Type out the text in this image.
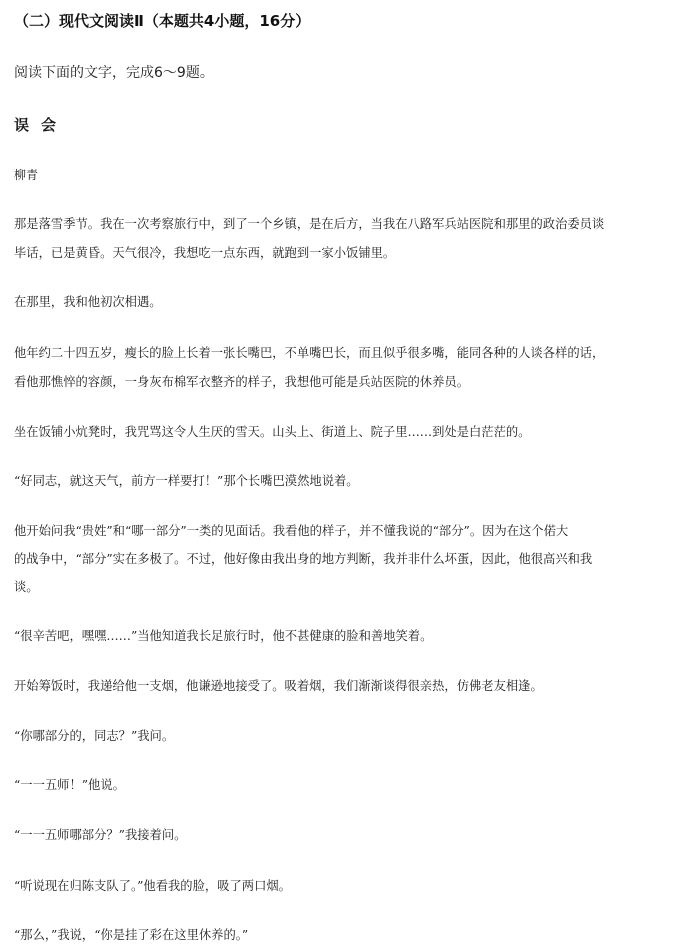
（二）现代文阅读Ⅱ（本题共4小题，16分）
阅读下面的文字，完成6～9题。
误会
柳青
那是落雪季节。我在一次考察旅行中，到了一个乡镇，是在后方，当我在八路军兵站医院和那里的政治委员谈
毕话，已是黄昏。天气很冷，我想吃一点东西，就跑到一家小饭铺里。
在那里，我和他初次相遇。
他年约二十四五岁，瘦长的脸上长着一张长嘴巴，不单嘴巴长，而且似乎很多嘴，能同各种的人谈各样的话，
看他那憔悴的容颜，一身灰布棉军衣整齐的样子，我想他可能是兵站医院的休养员。
坐在饭铺小炕凳时，我咒骂这令人生厌的雪天。山头上、街道上、院子里……到处是白茫茫的。
“好同志，就这天气，前方一样要打！”那个长嘴巴漠然地说着。
他开始问我“贵姓”和“哪一部分”一类的见面话。我看他的样子，并不懂我说的“部分”。因为在这个偌大
的战争中，“部分”实在多极了。不过，他好像由我出身的地方判断，我并非什么坏蛋，因此，他很高兴和我
谈。
“很辛苦吧，嘿嘿……”当他知道我长足旅行时，他不甚健康的脸和善地笑着。
开始筹饭时，我递给他一支烟，他谦逊地接受了。吸着烟，我们渐渐谈得很亲热，仿佛老友相逢。
“你哪部分的，同志？”我问。
“一一五师！”他说。
“一一五师哪部分？”我接着问。
“听说现在归陈支队了。”他看我的脸，吸了两口烟。
“那么，”我说，“你是挂了彩在这里休养的。”
